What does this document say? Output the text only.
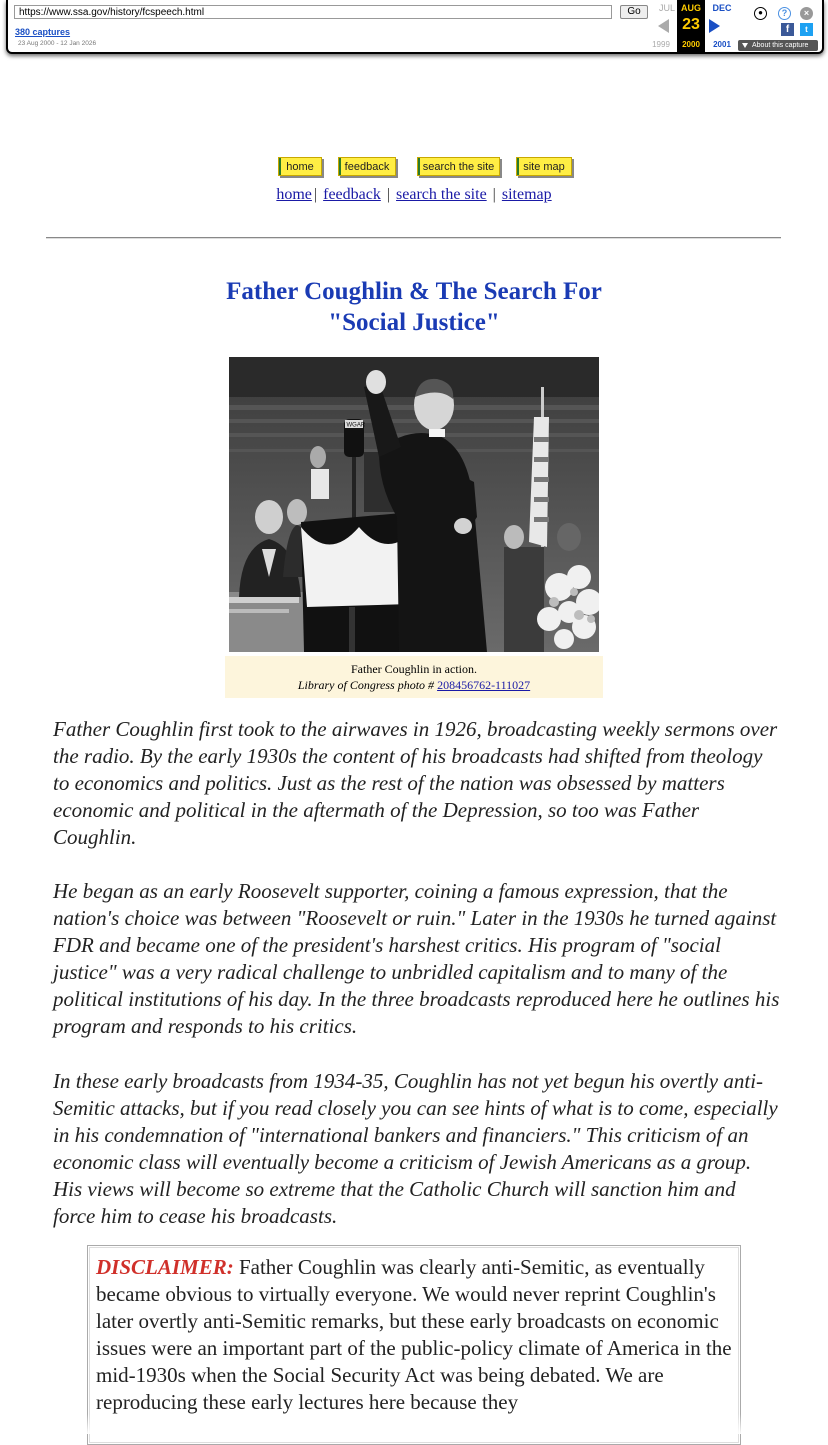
https://www.ssa.gov/history/fcspeech.html	Go
380 captures
23 Aug 2000 - 12 Jan 2026
JUL AUG	DEC
23
1999	2000	2001
●	?	×
f	t
About this capture
home	feedback	search the site	site map
home | feedback | search the site | sitemap
Father Coughlin & The Search For
"Social Justice"
WGAR
Father Coughlin in action.
Library of Congress photo # 208456762-111027

Father Coughlin first took to the airwaves in 1926, broadcasting weekly sermons over the radio. By the early 1930s the content of his broadcasts had shifted from theology to economics and politics. Just as the rest of the nation was obsessed by matters economic and political in the aftermath of the Depression, so too was Father Coughlin.

He began as an early Roosevelt supporter, coining a famous expression, that the nation's choice was between "Roosevelt or ruin." Later in the 1930s he turned against FDR and became one of the president's harshest critics. His program of "social justice" was a very radical challenge to unbridled capitalism and to many of the political institutions of his day. In the three broadcasts reproduced here he outlines his program and responds to his critics.

In these early broadcasts from 1934-35, Coughlin has not yet begun his overtly anti-Semitic attacks, but if you read closely you can see hints of what is to come, especially in his condemnation of "international bankers and financiers." This criticism of an economic class will eventually become a criticism of Jewish Americans as a group. His views will become so extreme that the Catholic Church will sanction him and force him to cease his broadcasts.

DISCLAIMER: Father Coughlin was clearly anti-Semitic, as eventually became obvious to virtually everyone. We would never reprint Coughlin's later overtly anti-Semitic remarks, but these early broadcasts on economic issues were an important part of the public-policy climate of America in the mid-1930s when the Social Security Act was being debated. We are reproducing these early lectures here because they
